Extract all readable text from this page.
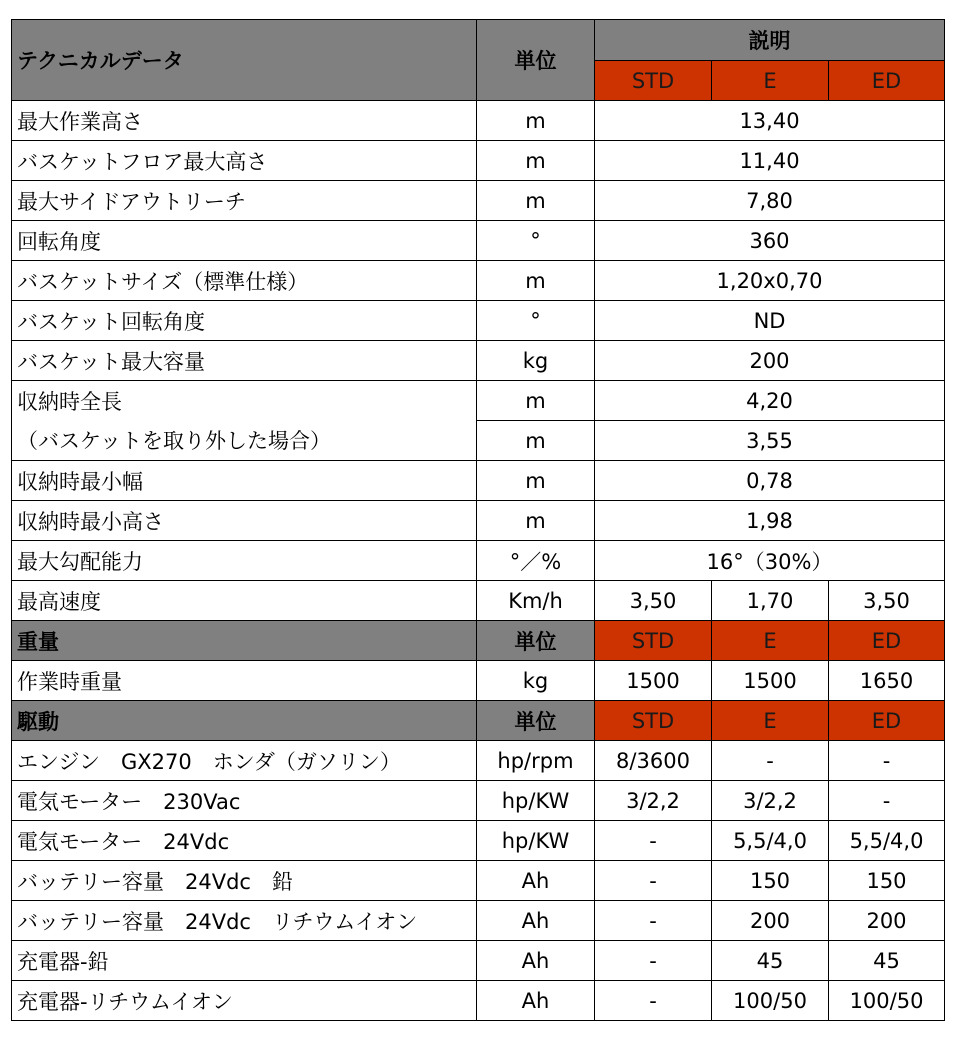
テクニカルデータ	単位	説明		
		STD	E	ED
最大作業高さ	m	13,40		
バスケットフロア最大高さ	m	11,40		
最大サイドアウトリーチ	m	7,80		
回転角度	°	360		
バスケットサイズ（標準仕様）	m	1,20x0,70		
バスケット回転角度	°	ND		
バスケット最大容量	kg	200		
収納時全長	m	4,20		
（バスケットを取り外した場合）	m	3,55		
収納時最小幅	m	0,78		
収納時最小高さ	m	1,98		
最大勾配能力	°／%	16°（30%）		
最高速度	Km/h	3,50	1,70	3,50
重量	単位	STD	E	ED
作業時重量	kg	1500	1500	1650
駆動	単位	STD	E	ED
エンジン　GX270　ホンダ（ガソリン）	hp/rpm	8/3600	-	-
電気モーター　230Vac	hp/KW	3/2,2	3/2,2	-
電気モーター　24Vdc	hp/KW	-	5,5/4,0	5,5/4,0
バッテリー容量　24Vdc　鉛	Ah	-	150	150
バッテリー容量　24Vdc　リチウムイオン	Ah	-	200	200
充電器-鉛	Ah	-	45	45
充電器-リチウムイオン	Ah	-	100/50	100/50
